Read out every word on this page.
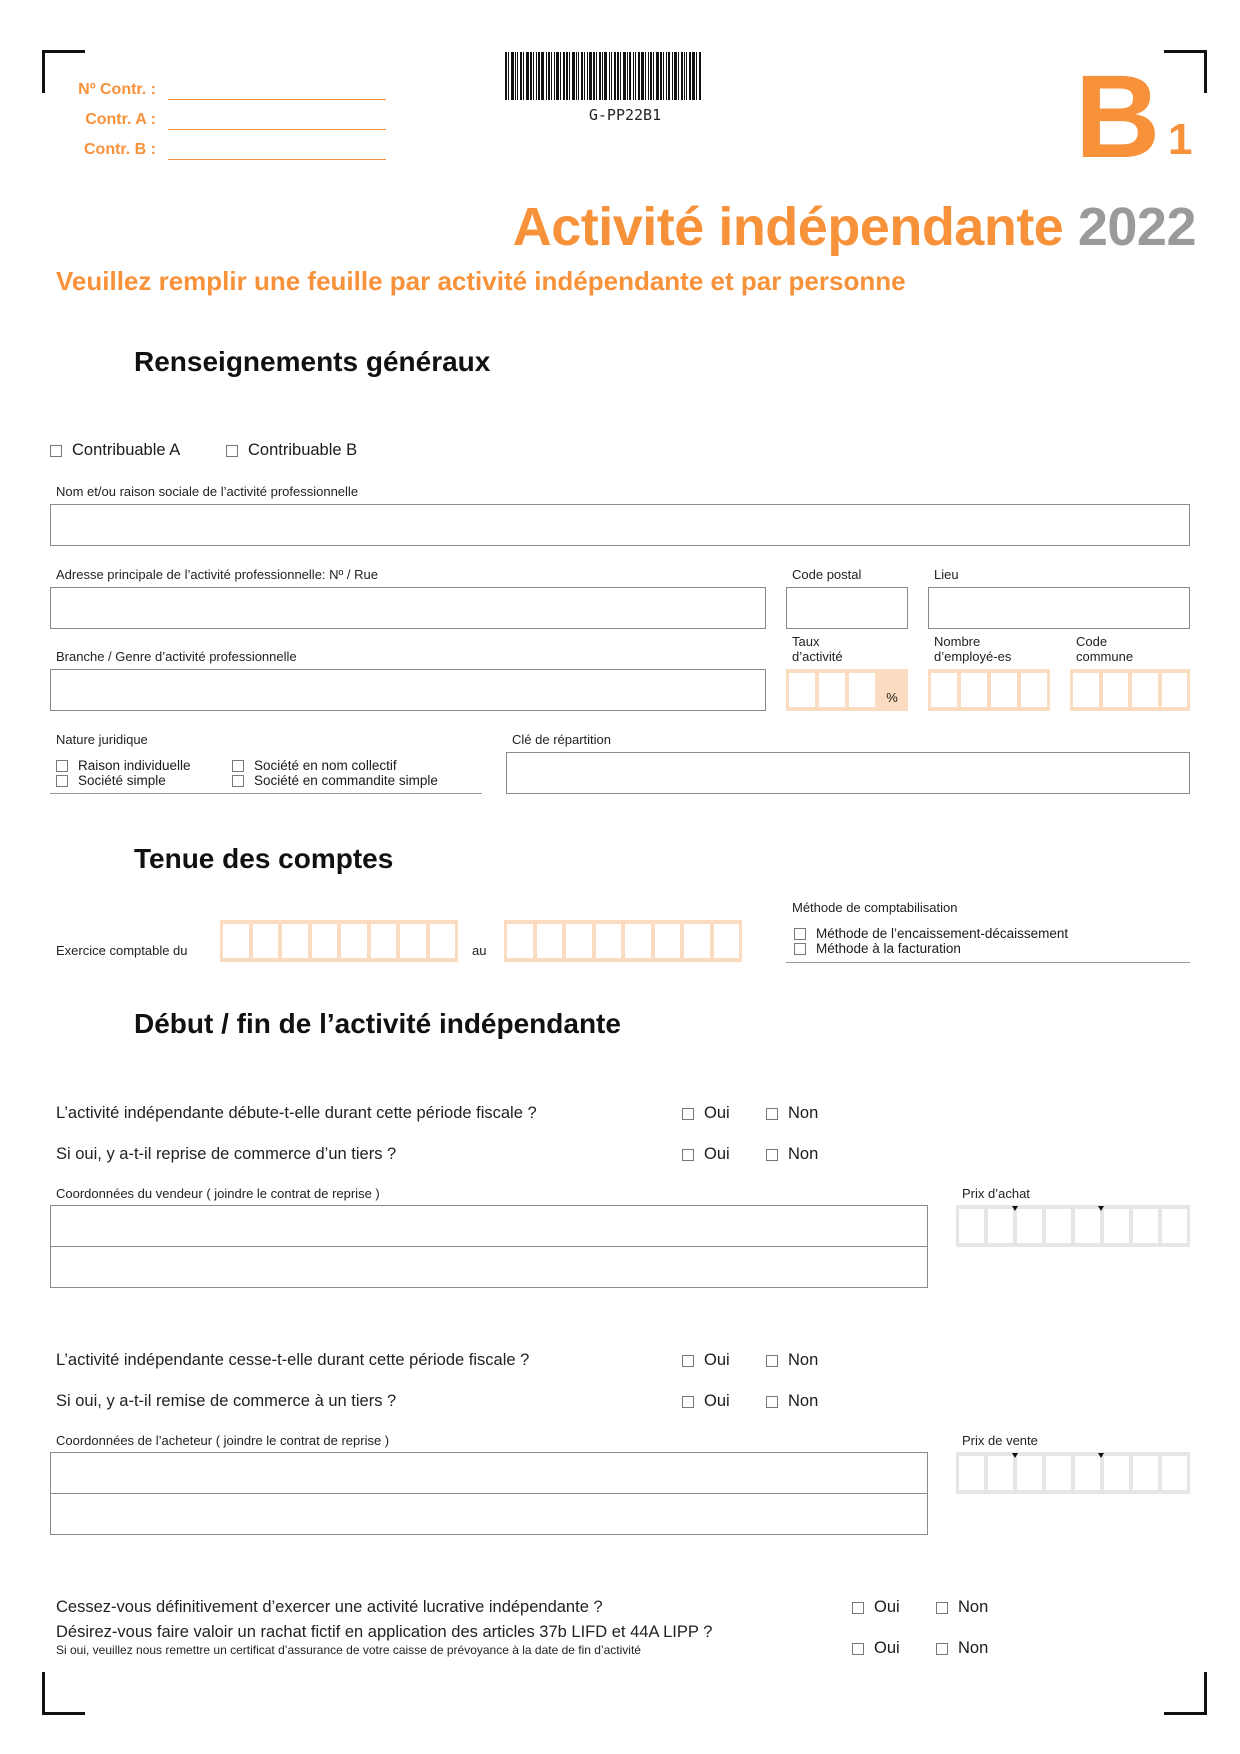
Nº Contr. :
Contr. A :
Contr. B :
G-PP22B1	B 1
Activité indépendante 2022
Veuillez remplir une feuille par activité indépendante et par personne
Renseignements généraux
Contribuable A	Contribuable B
Nom et/ou raison sociale de l’activité professionnelle
Adresse principale de l’activité professionnelle: Nº / Rue	Code postal	Lieu
Branche / Genre d’activité professionnelle
Taux
d’activité
%
Nombre
d’employé-es
Code
commune
Nature juridique
Raison individuelle
Société simple
Société en nom collectif
Société en commandite simple
Clé de répartition
Tenue des comptes
Exercice comptable du	au
Méthode de comptabilisation
Méthode de l’encaissement-décaissement
Méthode à la facturation
Début / fin de l’activité indépendante
L’activité indépendante débute-t-elle durant cette période fiscale ?	Oui	Non
Si oui, y a-t-il reprise de commerce d’un tiers ?	Oui	Non
Coordonnées du vendeur ( joindre le contrat de reprise )	Prix d’achat
L’activité indépendante cesse-t-elle durant cette période fiscale ?	Oui	Non
Si oui, y a-t-il remise de commerce à un tiers ?	Oui	Non
Coordonnées de l’acheteur ( joindre le contrat de reprise )	Prix de vente
Cessez-vous définitivement d’exercer une activité lucrative indépendante ?	Oui	Non
Désirez-vous faire valoir un rachat fictif en application des articles 37b LIFD et 44A LIPP ?
Si oui, veuillez nous remettre un certificat d’assurance de votre caisse de prévoyance à la date de fin d’activité	Oui	Non
